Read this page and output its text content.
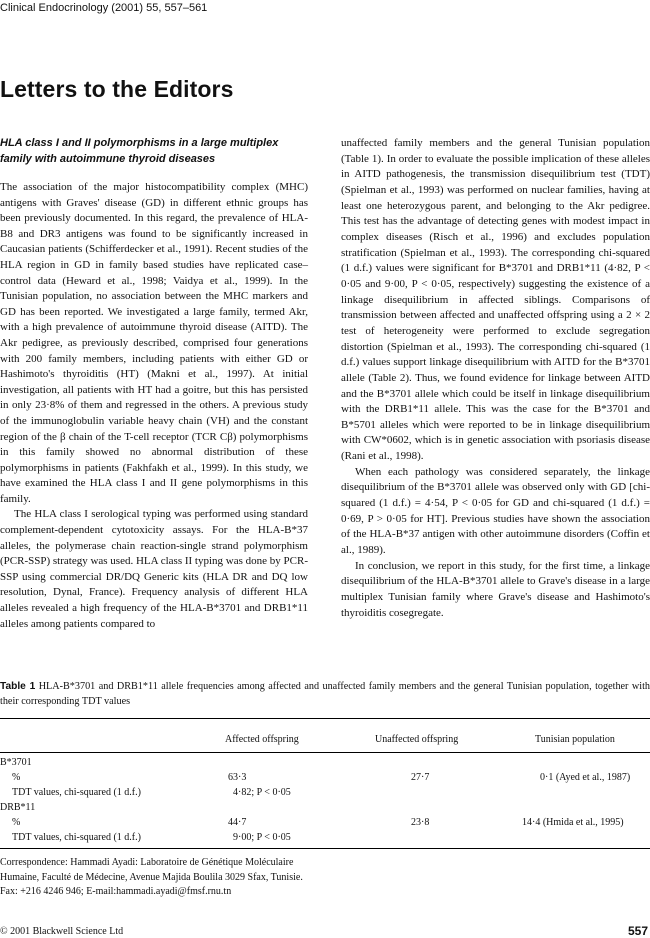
Clinical Endocrinology (2001) 55, 557–561
Letters to the Editors
HLA class I and II polymorphisms in a large multiplex family with autoimmune thyroid diseases

The association of the major histocompatibility complex (MHC) antigens with Graves' disease (GD) in different ethnic groups has been previously documented. In this regard, the prevalence of HLA-B8 and DR3 antigens was found to be significantly increased in Caucasian patients (Schifferdecker et al., 1991). Recent studies of the HLA region in GD in family based studies have replicated case–control data (Heward et al., 1998; Vaidya et al., 1999). In the Tunisian population, no association between the MHC markers and GD has been reported. We investigated a large family, termed Akr, with a high prevalence of autoimmune thyroid disease (AITD). The Akr pedigree, as previously described, comprised four generations with 200 family members, including patients with either GD or Hashimoto's thyroiditis (HT) (Makni et al., 1997). At initial investigation, all patients with HT had a goitre, but this has persisted in only 23·8% of them and regressed in the others. A previous study of the immunoglobulin variable heavy chain (VH) and the constant region of the β chain of the T-cell receptor (TCR Cβ) polymorphisms in this family showed no abnormal distribution of these polymorphisms in patients (Fakhfakh et al., 1999). In this study, we have examined the HLA class I and II gene polymorphisms in this family.

The HLA class I serological typing was performed using standard complement-dependent cytotoxicity assays. For the HLA-B*37 alleles, the polymerase chain reaction-single strand polymorphism (PCR-SSP) strategy was used. HLA class II typing was done by PCR-SSP using commercial DR/DQ Generic kits (HLA DR and DQ low resolution, Dynal, France). Frequency analysis of different HLA alleles revealed a high frequency of the HLA-B*3701 and DRB1*11 alleles among patients compared to

unaffected family members and the general Tunisian population (Table 1). In order to evaluate the possible implication of these alleles in AITD pathogenesis, the transmission disequilibrium test (TDT) (Spielman et al., 1993) was performed on nuclear families, having at least one heterozygous parent, and belonging to the Akr pedigree. This test has the advantage of detecting genes with modest impact in complex diseases (Risch et al., 1996) and excludes population stratification (Spielman et al., 1993). The corresponding chi-squared (1 d.f.) values were significant for B*3701 and DRB1*11 (4·82, P < 0·05 and 9·00, P < 0·05, respectively) suggesting the existence of a linkage disequilibrium in affected siblings. Comparisons of transmission between affected and unaffected offspring using a 2 × 2 test of heterogeneity were performed to exclude segregation distortion (Spielman et al., 1993). The corresponding chi-squared (1 d.f.) values support linkage disequilibrium with AITD for the B*3701 allele (Table 2). Thus, we found evidence for linkage between AITD and the B*3701 allele which could be itself in linkage disequilibrium with the DRB1*11 allele. This was the case for the B*3701 and B*5701 alleles which were reported to be in linkage disequilibrium with CW*0602, which is in genetic association with psoriasis disease (Rani et al., 1998).

When each pathology was considered separately, the linkage disequilibrium of the B*3701 allele was observed only with GD [chi-squared (1 d.f.) = 4·54, P < 0·05 for GD and chi-squared (1 d.f.) = 0·69, P > 0·05 for HT]. Previous studies have shown the association of the HLA-B*37 antigen with other autoimmune disorders (Coffin et al., 1989).

In conclusion, we report in this study, for the first time, a linkage disequilibrium of the HLA-B*3701 allele to Grave's disease in a large multiplex Tunisian family where Grave's disease and Hashimoto's thyroiditis cosegregate.

Table 1 HLA-B*3701 and DRB1*11 allele frequencies among affected and unaffected family members and the general Tunisian population, together with their corresponding TDT values
Affected offspring	Unaffected offspring	Tunisian population
B*3701
%	63·3	27·7	0·1 (Ayed et al., 1987)
TDT values, chi-squared (1 d.f.)	4·82; P < 0·05
DRB*11
%	44·7	23·8	14·4 (Hmida et al., 1995)
TDT values, chi-squared (1 d.f.)	9·00; P < 0·05
Correspondence: Hammadi Ayadi: Laboratoire de Génétique Moléculaire Humaine, Faculté de Médecine, Avenue Majida Boulila 3029 Sfax, Tunisie. Fax: +216 4246 946; E-mail:hammadi.ayadi@fmsf.rnu.tn
© 2001 Blackwell Science Ltd	557
